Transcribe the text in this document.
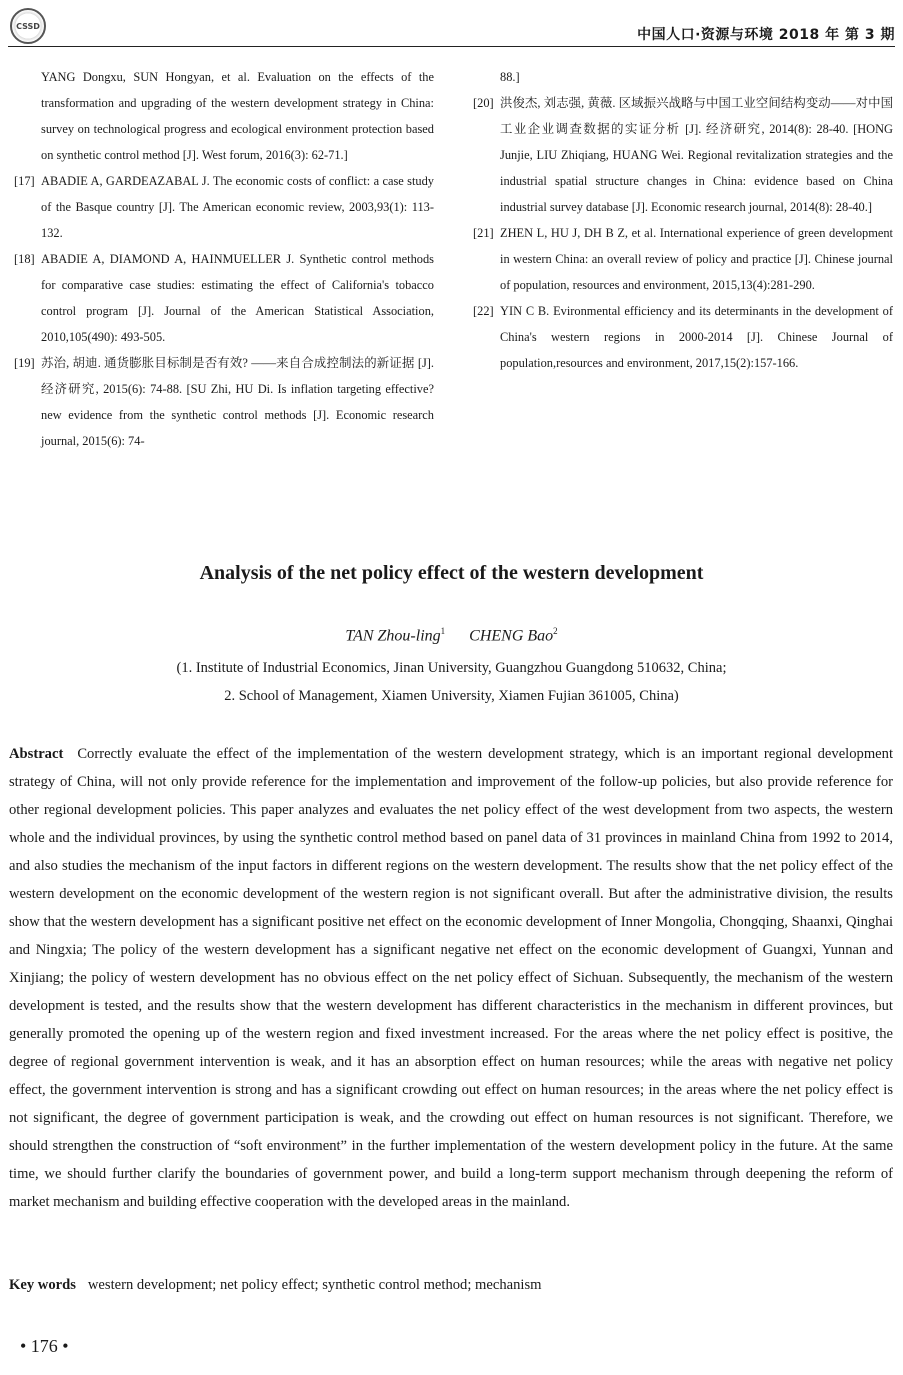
CSSD
中国人口·资源与环境 2018 年 第 3 期
YANG Dongxu, SUN Hongyan, et al. Evaluation on the effects of the transformation and upgrading of the western development strategy in China: survey on technological progress and ecological environment protection based on synthetic control method [J]. West forum, 2016(3): 62-71.]
[17] ABADIE A, GARDEAZABAL J. The economic costs of conflict: a case study of the Basque country [J]. The American economic review, 2003,93(1): 113-132.
[18] ABADIE A, DIAMOND A, HAINMUELLER J. Synthetic control methods for comparative case studies: estimating the effect of California's tobacco control program [J]. Journal of the American Statistical Association, 2010,105(490): 493-505.
[19] 苏治, 胡迪. 通货膨胀目标制是否有效? ——来自合成控制法的新证据 [J]. 经济研究, 2015(6): 74-88. [SU Zhi, HU Di. Is inflation targeting effective? new evidence from the synthetic control methods [J]. Economic research journal, 2015(6): 74-
88.]
[20] 洪俊杰, 刘志强, 黄薇. 区域振兴战略与中国工业空间结构变动——对中国工业企业调查数据的实证分析 [J]. 经济研究, 2014(8): 28-40. [HONG Junjie, LIU Zhiqiang, HUANG Wei. Regional revitalization strategies and the industrial spatial structure changes in China: evidence based on China industrial survey database [J]. Economic research journal, 2014(8): 28-40.]
[21] ZHEN L, HU J, DH B Z, et al. International experience of green development in western China: an overall review of policy and practice [J]. Chinese journal of population, resources and environment, 2015,13(4):281-290.
[22] YIN C B. Evironmental efficiency and its determinants in the development of China's western regions in 2000-2014 [J]. Chinese Journal of population,resources and environment, 2017,15(2):157-166.
Analysis of the net policy effect of the western development
TAN Zhou-ling$^1$ CHENG Bao$^2$
(1. Institute of Industrial Economics, Jinan University, Guangzhou Guangdong 510632, China;
2. School of Management, Xiamen University, Xiamen Fujian 361005, China)
Abstract Correctly evaluate the effect of the implementation of the western development strategy, which is an important regional development strategy of China, will not only provide reference for the implementation and improvement of the follow-up policies, but also provide reference for other regional development policies. This paper analyzes and evaluates the net policy effect of the west development from two aspects, the western whole and the individual provinces, by using the synthetic control method based on panel data of 31 provinces in mainland China from 1992 to 2014, and also studies the mechanism of the input factors in different regions on the western development. The results show that the net policy effect of the western development on the economic development of the western region is not significant overall. But after the administrative division, the results show that the western development has a significant positive net effect on the economic development of Inner Mongolia, Chongqing, Shaanxi, Qinghai and Ningxia; The policy of the western development has a significant negative net effect on the economic development of Guangxi, Yunnan and Xinjiang; the policy of western development has no obvious effect on the net policy effect of Sichuan. Subsequently, the mechanism of the western development is tested, and the results show that the western development has different characteristics in the mechanism in different provinces, but generally promoted the opening up of the western region and fixed investment increased. For the areas where the net policy effect is positive, the degree of regional government intervention is weak, and it has an absorption effect on human resources; while the areas with negative net policy effect, the government intervention is strong and has a significant crowding out effect on human resources; in the areas where the net policy effect is not significant, the degree of government participation is weak, and the crowding out effect on human resources is not significant. Therefore, we should strengthen the construction of “soft environment” in the further implementation of the western development policy in the future. At the same time, we should further clarify the boundaries of government power, and build a long-term support mechanism through deepening the reform of market mechanism and building effective cooperation with the developed areas in the mainland.
Key words western development; net policy effect; synthetic control method; mechanism
• 176 •
